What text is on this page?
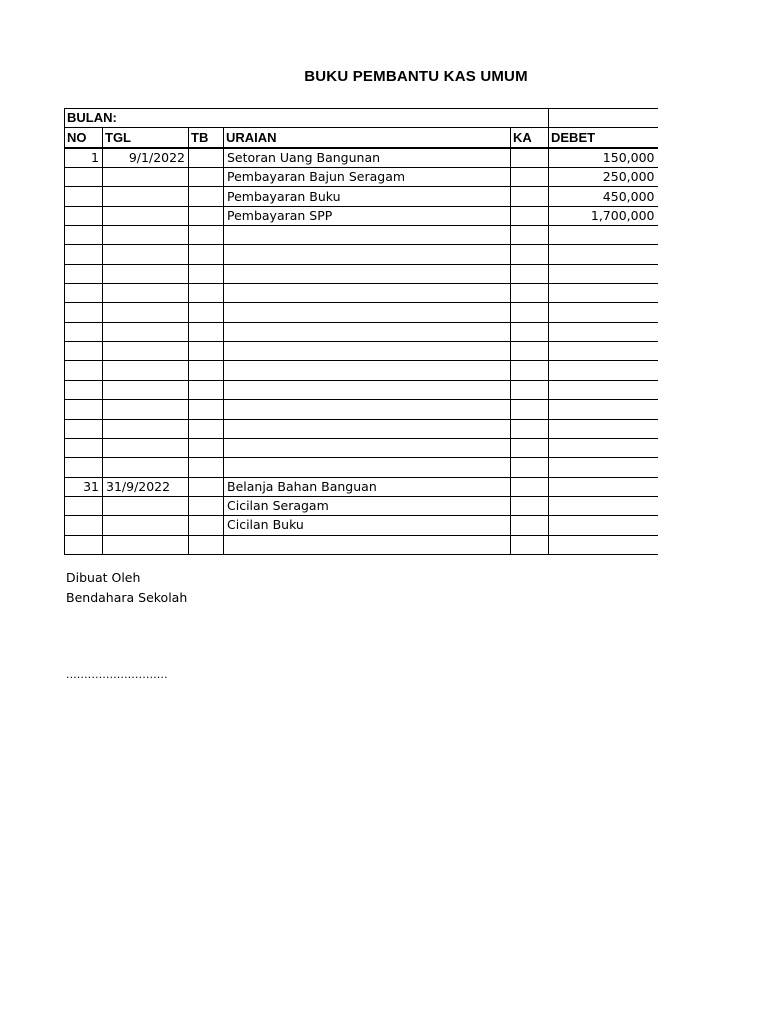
BUKU PEMBANTU KAS UMUM
BULAN:					
NO	TGL	TB	URAIAN	KA	DEBET
1	9/1/2022		Setoran Uang Bangunan		150,000
			Pembayaran Bajun Seragam		250,000
			Pembayaran Buku		450,000
			Pembayaran SPP		1,700,000

31	31/9/2022		Belanja Bahan Banguan		
			Cicilan Seragam		
			Cicilan Buku		

Dibuat Oleh
Bendahara Sekolah
............................
